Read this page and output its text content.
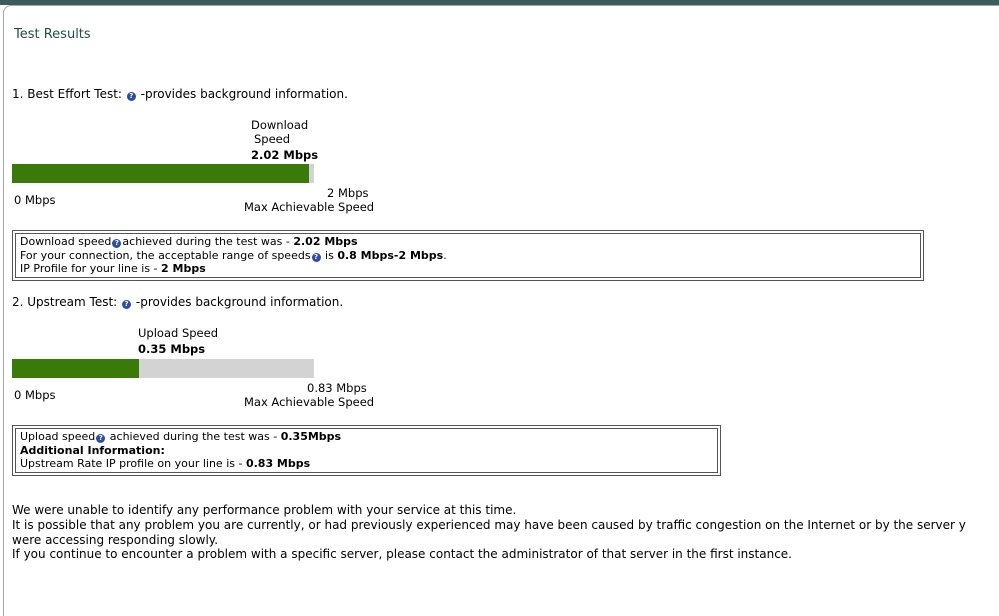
Test Results
1. Best Effort Test: ? -provides background information.
Download
Speed
2.02 Mbps
0 Mbps	2 Mbps
Max Achievable Speed
Download speed ? achieved during the test was - 2.02 Mbps
For your connection, the acceptable range of speeds ? is 0.8 Mbps-2 Mbps.
IP Profile for your line is - 2 Mbps
2. Upstream Test: ? -provides background information.
Upload Speed
0.35 Mbps
0 Mbps	0.83 Mbps
Max Achievable Speed
Upload speed ? achieved during the test was - 0.35Mbps
Additional Information:
Upstream Rate IP profile on your line is - 0.83 Mbps
We were unable to identify any performance problem with your service at this time.
It is possible that any problem you are currently, or had previously experienced may have been caused by traffic congestion on the Internet or by the server y
were accessing responding slowly.
If you continue to encounter a problem with a specific server, please contact the administrator of that server in the first instance.
